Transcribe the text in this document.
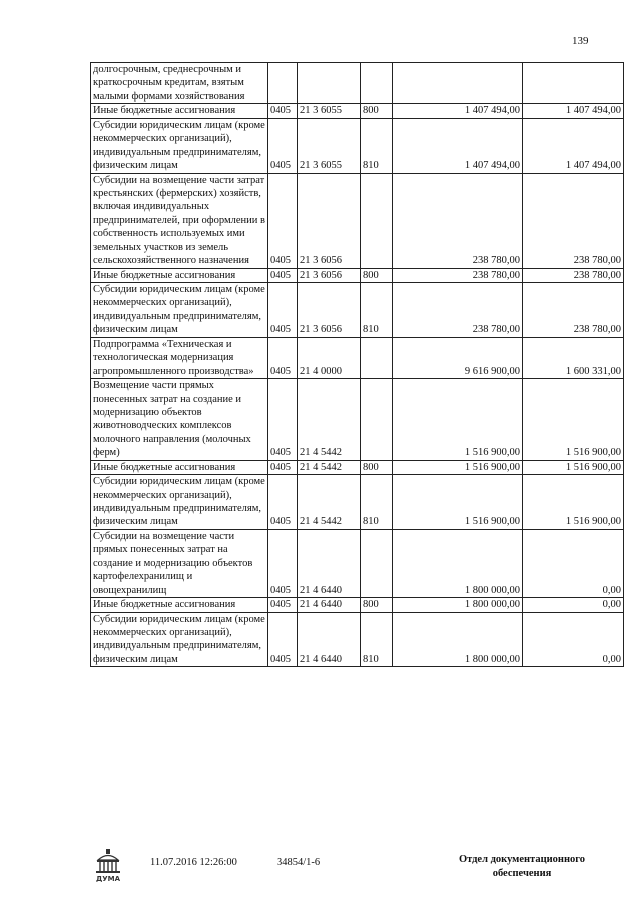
139
долгосрочным, среднесрочным и краткосрочным кредитам, взятым малыми формами хозяйствования					
Иные бюджетные ассигнования	0405	21 3 6055	800	1 407 494,00	1 407 494,00
Субсидии юридическим лицам (кроме некоммерческих организаций), индивидуальным предпринимателям, физическим лицам	0405	21 3 6055	810	1 407 494,00	1 407 494,00
Субсидии на возмещение части затрат крестьянских (фермерских) хозяйств, включая индивидуальных предпринимателей, при оформлении в собственность используемых ими земельных участков из земель сельскохозяйственного назначения	0405	21 3 6056		238 780,00	238 780,00
Иные бюджетные ассигнования	0405	21 3 6056	800	238 780,00	238 780,00
Субсидии юридическим лицам (кроме некоммерческих организаций), индивидуальным предпринимателям, физическим лицам	0405	21 3 6056	810	238 780,00	238 780,00
Подпрограмма «Техническая и технологическая модернизация агропромышленного производства»	0405	21 4 0000		9 616 900,00	1 600 331,00
Возмещение части прямых понесенных затрат на создание и модернизацию объектов животноводческих комплексов молочного направления (молочных ферм)	0405	21 4 5442		1 516 900,00	1 516 900,00
Иные бюджетные ассигнования	0405	21 4 5442	800	1 516 900,00	1 516 900,00
Субсидии юридическим лицам (кроме некоммерческих организаций), индивидуальным предпринимателям, физическим лицам	0405	21 4 5442	810	1 516 900,00	1 516 900,00
Субсидии на возмещение части прямых понесенных затрат на создание и модернизацию объектов картофелехранилищ и овощехранилищ	0405	21 4 6440		1 800 000,00	0,00
Иные бюджетные ассигнования	0405	21 4 6440	800	1 800 000,00	0,00
Субсидии юридическим лицам (кроме некоммерческих организаций), индивидуальным предпринимателям, физическим лицам	0405	21 4 6440	810	1 800 000,00	0,00
ДУМА
11.07.2016 12:26:00	34854/1-6	Отдел документационного
обеспечения
